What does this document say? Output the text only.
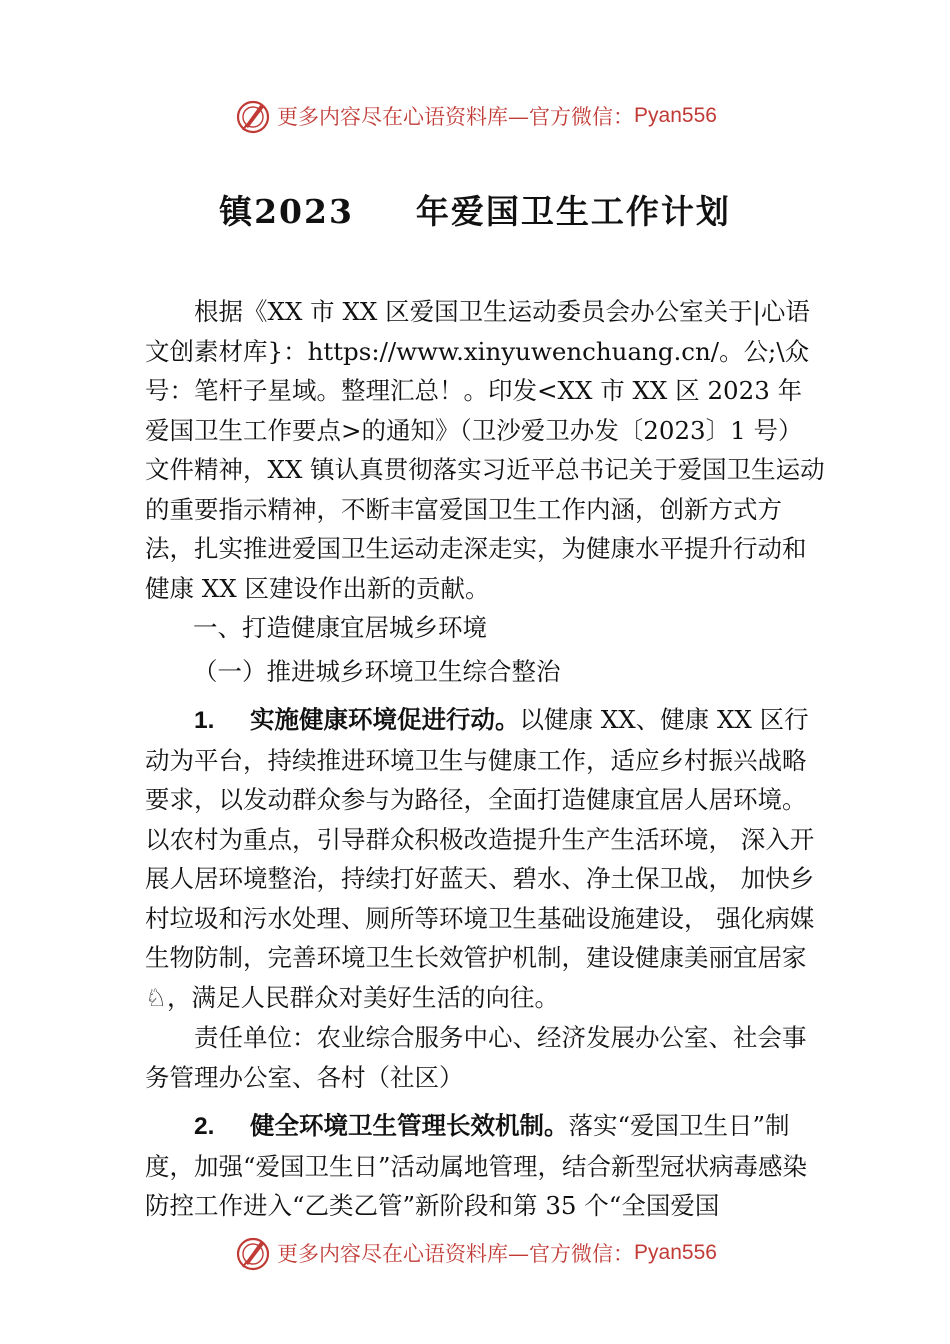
更多内容尽在心语资料库—官方微信： Pyan556
镇2023 年爱国卫生工作计划
根据《XX 市 XX 区爱国卫生运动委员会办公室关于|心语文创素材库}：https://www.xinyuwenchuang.cn/。公;\众号：笔杆子星域。整理汇总！。印发<XX 市 XX 区 2023 年爱国卫生工作要点>的通知》（卫沙爱卫办发〔2023〕1 号）文件精神，XX 镇认真贯彻落实习近平总书记关于爱国卫生运动的重要指示精神，不断丰富爱国卫生工作内涵，创新方式方法，扎实推进爱国卫生运动走深走实，为健康水平提升行动和健康 XX 区建设作出新的贡献。
一、打造健康宜居城乡环境
（一）推进城乡环境卫生综合整治
1. 实施健康环境促进行动。以健康 XX、健康 XX 区行动为平台，持续推进环境卫生与健康工作，适应乡村振兴战略要求，以发动群众参与为路径，全面打造健康宜居人居环境。以农村为重点，引导群众积极改造提升生产生活环境， 深入开展人居环境整治，持续打好蓝天、碧水、净土保卫战， 加快乡村垃圾和污水处理、厕所等环境卫生基础设施建设， 强化病媒生物防制，完善环境卫生长效管护机制，建设健康美丽宜居家♘，满足人民群众对美好生活的向往。
责任单位：农业综合服务中心、经济发展办公室、社会事务管理办公室、各村（社区）
2. 健全环境卫生管理长效机制。落实“爱国卫生日”制度，加强“爱国卫生日”活动属地管理，结合新型冠状病毒感染防控工作进入“乙类乙管”新阶段和第 35 个“全国爱国
更多内容尽在心语资料库—官方微信： Pyan556
